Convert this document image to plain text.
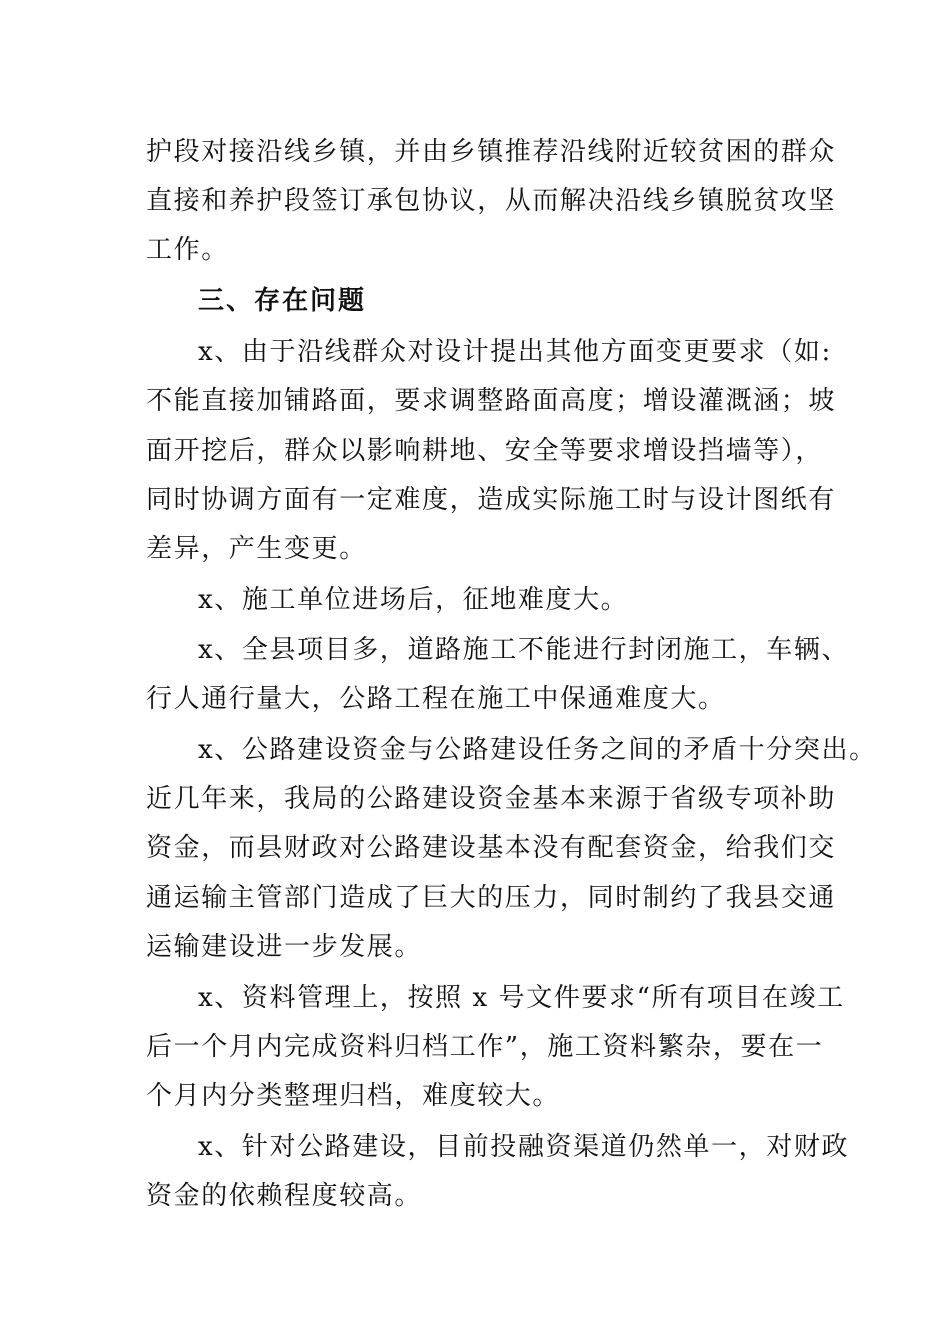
护段对接沿线乡镇，并由乡镇推荐沿线附近较贫困的群众
直接和养护段签订承包协议，从而解决沿线乡镇脱贫攻坚
工作。
三、存在问题
x、由于沿线群众对设计提出其他方面变更要求（如:
不能直接加铺路面，要求调整路面高度；增设灌溉涵；坡
面开挖后，群众以影响耕地、安全等要求增设挡墙等），
同时协调方面有一定难度，造成实际施工时与设计图纸有
差异，产生变更。
x、施工单位进场后，征地难度大。
x、全县项目多，道路施工不能进行封闭施工，车辆、
行人通行量大，公路工程在施工中保通难度大。
x、公路建设资金与公路建设任务之间的矛盾十分突出。
近几年来，我局的公路建设资金基本来源于省级专项补助
资金，而县财政对公路建设基本没有配套资金，给我们交
通运输主管部门造成了巨大的压力，同时制约了我县交通
运输建设进一步发展。
x、资料管理上，按照 x 号文件要求“所有项目在竣工
后一个月内完成资料归档工作”，施工资料繁杂，要在一
个月内分类整理归档，难度较大。
x、针对公路建设，目前投融资渠道仍然单一，对财政
资金的依赖程度较高。
